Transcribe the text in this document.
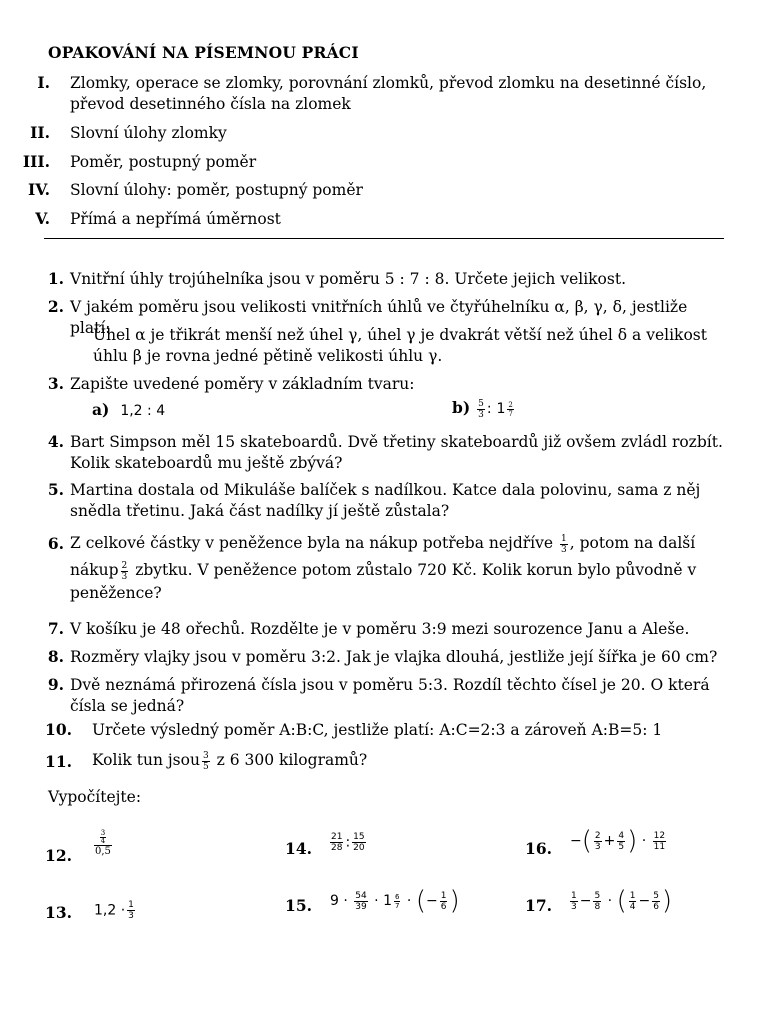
OPAKOVÁNÍ NA PÍSEMNOU PRÁCI
I. Zlomky, operace se zlomky, porovnání zlomků, převod zlomku na desetinné číslo,
převod desetinného čísla na zlomek
II. Slovní úlohy zlomky
III. Poměr, postupný poměr
IV. Slovní úlohy: poměr, postupný poměr
V. Přímá a nepřímá úměrnost
1. Vnitřní úhly trojúhelníka jsou v poměru 5 : 7 : 8. Určete jejich velikost.
2. V jakém poměru jsou velikosti vnitřních úhlů ve čtyřúhelníku α, β, γ, δ, jestliže platí:
Úhel α je třikrát menší než úhel γ, úhel γ je dvakrát větší než úhel δ a velikost
úhlu β je rovna jedné pětině velikosti úhlu γ.
3. Zapište uvedené poměry v základním tvaru:
a) 1,2 : 4	$b) \frac{5}{3}$ : $1 \frac{2}{7}$
4. Bart Simpson měl 15 skateboardů. Dvě třetiny skateboardů již ovšem zvládl rozbít.
Kolik skateboardů mu ještě zbývá?
5. Martina dostala od Mikuláše balíček s nadílkou. Katce dala polovinu, sama z něj
snědla třetinu. Jaká část nadílky jí ještě zůstala?
6. Z celkové částky v peněžence byla na nákup potřeba nejdříve $\frac{1}{3}$ , potom na další
nákup $\frac{2}{3}$ zbytku. V peněžence potom zůstalo 720 Kč. Kolik korun bylo původně v
peněžence?
7. V košíku je 48 ořechů. Rozdělte je v poměru 3:9 mezi sourozence Janu a Aleše.
8. Rozměry vlajky jsou v poměru 3:2. Jak je vlajka dlouhá, jestliže její šířka je 60 cm?
9. Dvě neznámá přirozená čísla jsou v poměru 5:3. Rozdíl těchto čísel je 20. O která
čísla se jedná?
10. Určete výsledný poměr A:B:C, jestliže platí: A:C=2:3 a zároveň A:B=5: 1
11. Kolik tun jsou $\frac{3}{5}$ z 6 300 kilogramů?
Vypočítejte:
12.	$\frac{\frac{3}{4}}{0,5}$
13. $1,2 \cdot \frac{1}{3}$
14. $\frac{21}{28}$ : $\frac{15}{20}$
15. $9 \cdot \frac{54}{39} \cdot 1 \frac{6}{7}$ · (− $\frac{1}{6}$ )
16. −( $\frac{2}{3} + \frac{4}{5}$ ) · $\frac{12}{11}$
17. $\frac{1}{3} - \frac{5}{8}$ · ( $\frac{1}{4} - \frac{5}{6}$ )
